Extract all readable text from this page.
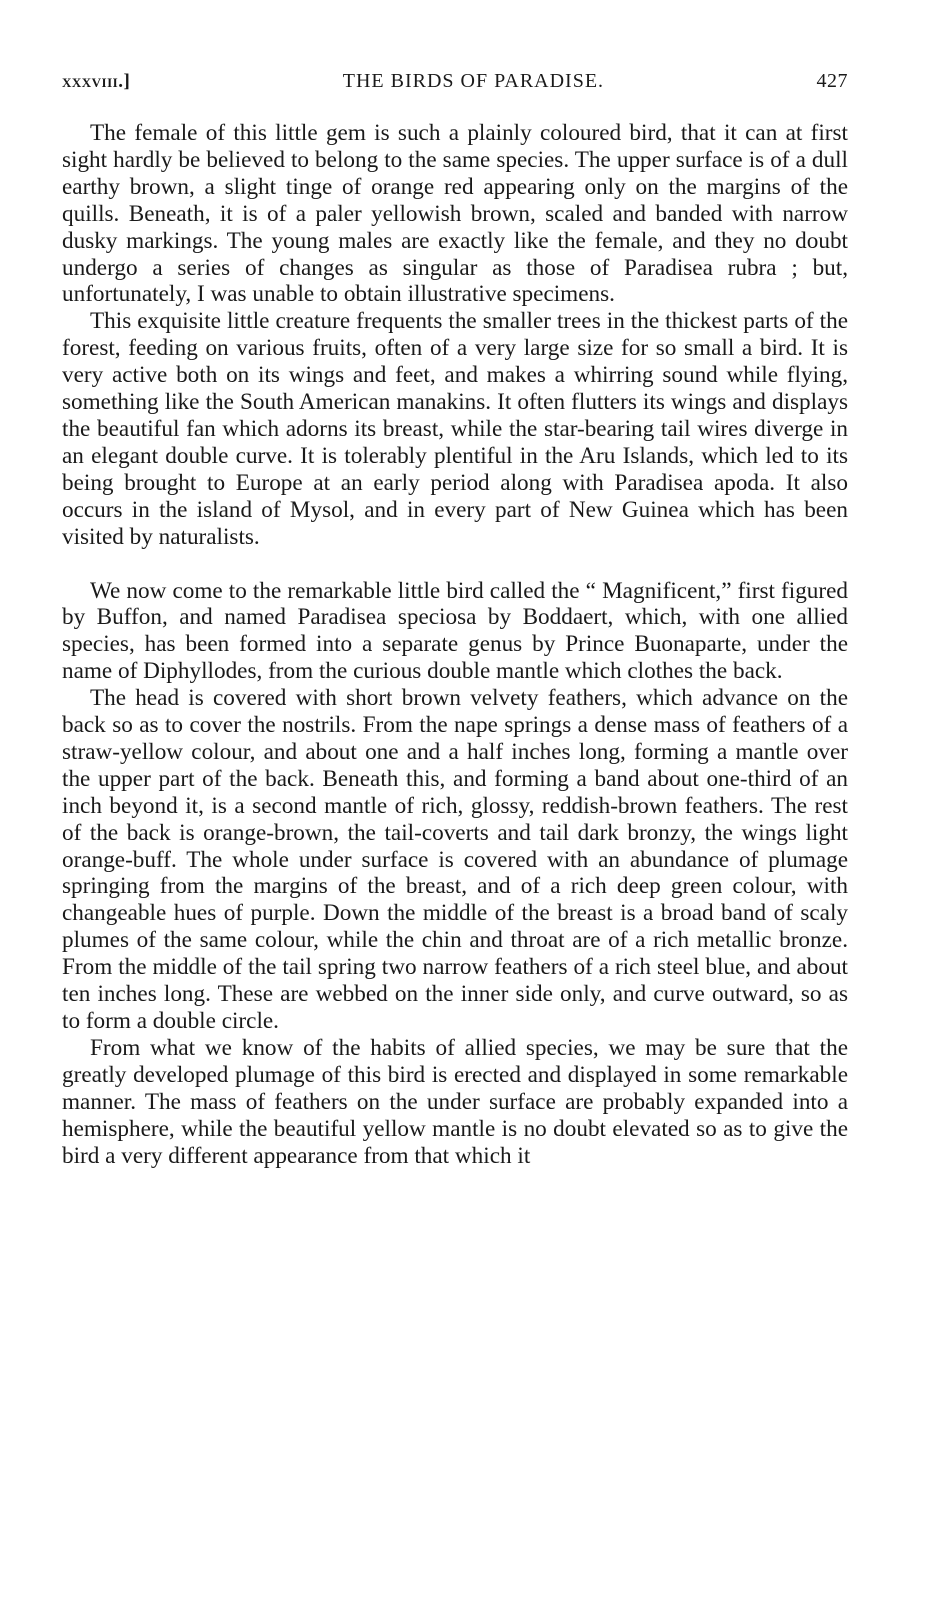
xxxviii.]	THE BIRDS OF PARADISE.	427

The female of this little gem is such a plainly coloured bird, that it can at first sight hardly be believed to belong to the same species. The upper surface is of a dull earthy brown, a slight tinge of orange red appearing only on the margins of the quills. Beneath, it is of a paler yellowish brown, scaled and banded with narrow dusky markings. The young males are exactly like the female, and they no doubt undergo a series of changes as singular as those of Paradisea rubra ; but, unfortunately, I was unable to obtain illustrative specimens.

This exquisite little creature frequents the smaller trees in the thickest parts of the forest, feeding on various fruits, often of a very large size for so small a bird. It is very active both on its wings and feet, and makes a whirring sound while flying, something like the South American manakins. It often flutters its wings and displays the beautiful fan which adorns its breast, while the star-bearing tail wires diverge in an elegant double curve. It is tolerably plentiful in the Aru Islands, which led to its being brought to Europe at an early period along with Paradisea apoda. It also occurs in the island of Mysol, and in every part of New Guinea which has been visited by naturalists.

We now come to the remarkable little bird called the “ Magnificent,” first figured by Buffon, and named Paradisea speciosa by Boddaert, which, with one allied species, has been formed into a separate genus by Prince Buonaparte, under the name of Diphyllodes, from the curious double mantle which clothes the back.

The head is covered with short brown velvety feathers, which advance on the back so as to cover the nostrils. From the nape springs a dense mass of feathers of a straw-yellow colour, and about one and a half inches long, forming a mantle over the upper part of the back. Beneath this, and forming a band about one-third of an inch beyond it, is a second mantle of rich, glossy, reddish-brown feathers. The rest of the back is orange-brown, the tail-coverts and tail dark bronzy, the wings light orange-buff. The whole under surface is covered with an abundance of plumage springing from the margins of the breast, and of a rich deep green colour, with changeable hues of purple. Down the middle of the breast is a broad band of scaly plumes of the same colour, while the chin and throat are of a rich metallic bronze. From the middle of the tail spring two narrow feathers of a rich steel blue, and about ten inches long. These are webbed on the inner side only, and curve outward, so as to form a double circle.

From what we know of the habits of allied species, we may be sure that the greatly developed plumage of this bird is erected and displayed in some remarkable manner. The mass of feathers on the under surface are probably expanded into a hemisphere, while the beautiful yellow mantle is no doubt elevated so as to give the bird a very different appearance from that which it
